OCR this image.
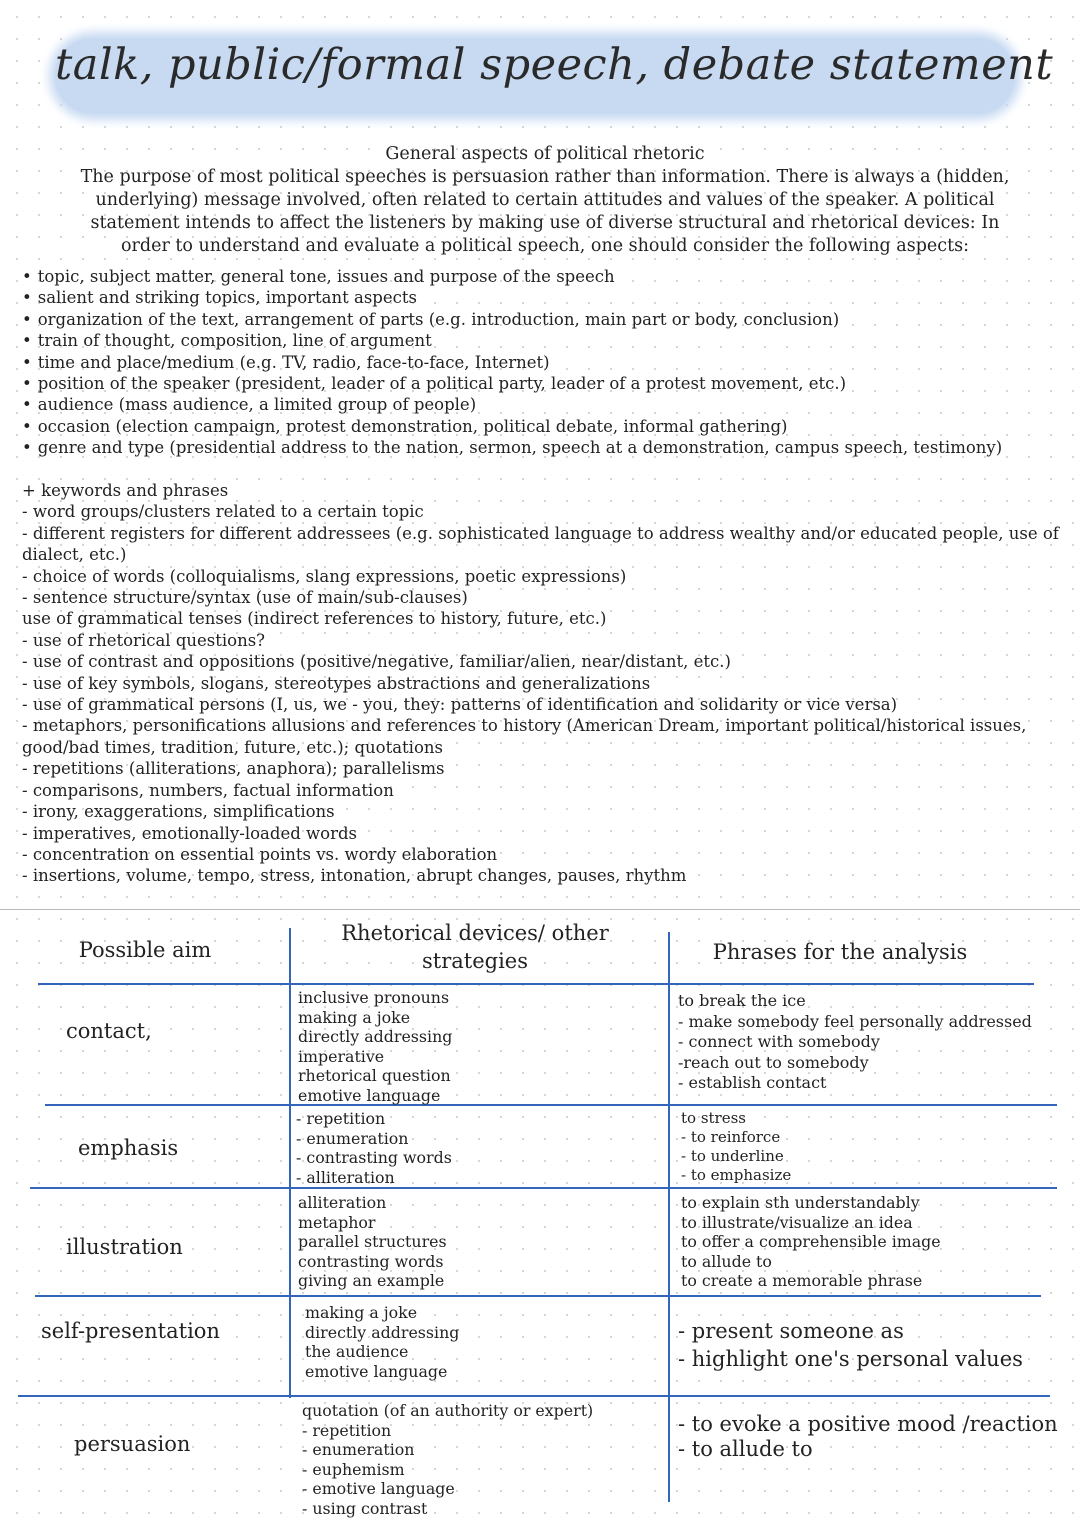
talk, public/formal speech, debate statement
General aspects of political rhetoric
The purpose of most political speeches is persuasion rather than information. There is always a (hidden,
underlying) message involved, often related to certain attitudes and values of the speaker. A political
statement intends to affect the listeners by making use of diverse structural and rhetorical devices: In
order to understand and evaluate a political speech, one should consider the following aspects:
• topic, subject matter, general tone, issues and purpose of the speech
• salient and striking topics, important aspects
• organization of the text, arrangement of parts (e.g. introduction, main part or body, conclusion)
• train of thought, composition, line of argument
• time and place/medium (e.g. TV, radio, face-to-face, Internet)
• position of the speaker (president, leader of a political party, leader of a protest movement, etc.)
• audience (mass audience, a limited group of people)
• occasion (election campaign, protest demonstration, political debate, informal gathering)
• genre and type (presidential address to the nation, sermon, speech at a demonstration, campus speech, testimony)
+ keywords and phrases
- word groups/clusters related to a certain topic
- different registers for different addressees (e.g. sophisticated language to address wealthy and/or educated people, use of dialect, etc.)
- choice of words (colloquialisms, slang expressions, poetic expressions)
- sentence structure/syntax (use of main/sub-clauses)
use of grammatical tenses (indirect references to history, future, etc.)
- use of rhetorical questions?
- use of contrast and oppositions (positive/negative, familiar/alien, near/distant, etc.)
- use of key symbols, slogans, stereotypes abstractions and generalizations
- use of grammatical persons (I, us, we - you, they: patterns of identification and solidarity or vice versa)
- metaphors, personifications allusions and references to history (American Dream, important political/historical issues, good/bad times, tradition, future, etc.); quotations
- repetitions (alliterations, anaphora); parallelisms
- comparisons, numbers, factual information
- irony, exaggerations, simplifications
- imperatives, emotionally-loaded words
- concentration on essential points vs. wordy elaboration
- insertions, volume, tempo, stress, intonation, abrupt changes, pauses, rhythm
Possible aim
Rhetorical devices/ other strategies	Phrases for the analysis
contact,
inclusive pronouns
making a joke
directly addressing
imperative
rhetorical question
emotive language
to break the ice
- make somebody feel personally addressed
- connect with somebody
-reach out to somebody
- establish contact
emphasis
- repetition
- enumeration
- contrasting words
- alliteration
to stress
- to reinforce
- to underline
- to emphasize
illustration
alliteration
metaphor
parallel structures
contrasting words
giving an example
to explain sth understandably
to illustrate/visualize an idea
to offer a comprehensible image
to allude to
to create a memorable phrase
self-presentation
making a joke
directly addressing
the audience
emotive language
- present someone as
- highlight one's personal values
persuasion
quotation (of an authority or expert)
- repetition
- enumeration
- euphemism
- emotive language
- using contrast
- to evoke a positive mood /reaction
- to allude to
